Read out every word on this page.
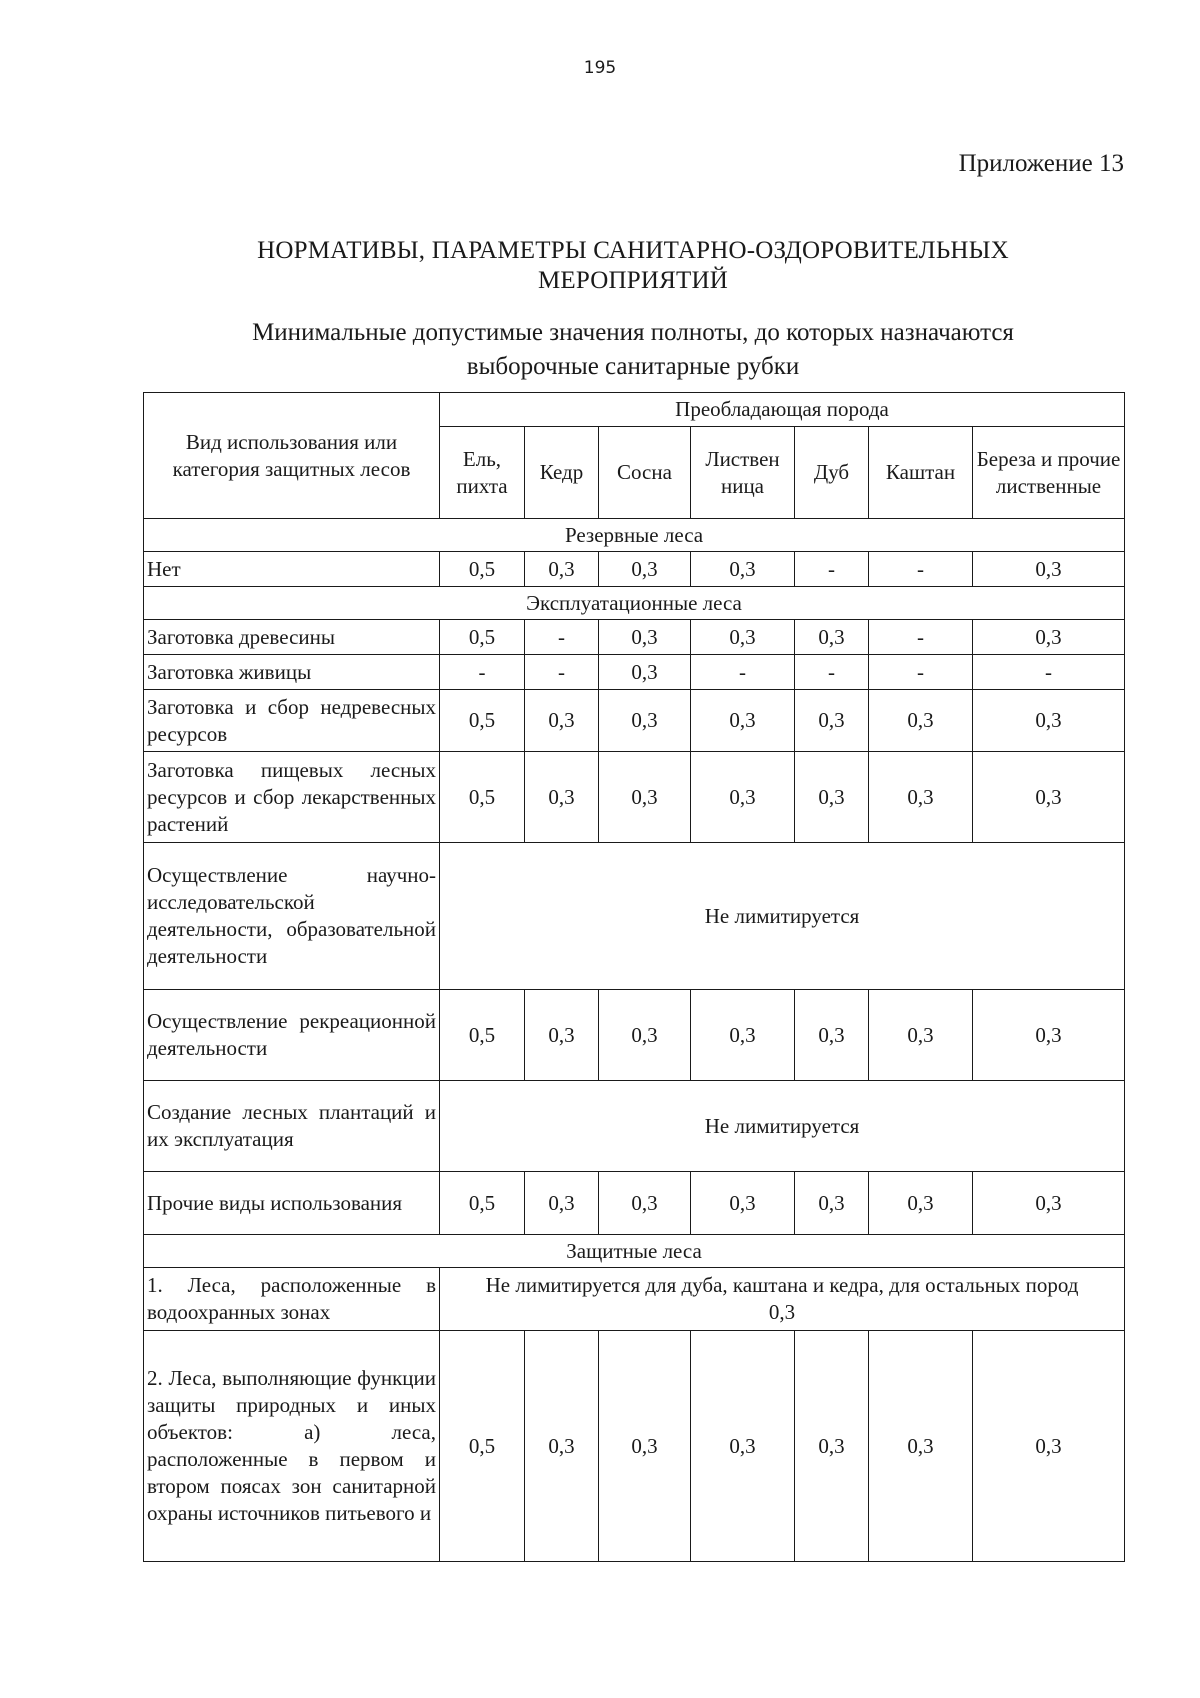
195
Приложение 13
НОРМАТИВЫ, ПАРАМЕТРЫ САНИТАРНО-ОЗДОРОВИТЕЛЬНЫХ
МЕРОПРИЯТИЙ
Минимальные допустимые значения полноты, до которых назначаются
выборочные санитарные рубки
Вид использования или категория защитных лесов	Преобладающая порода						
	Ель, пихта	Кедр	Сосна	Листвен ница	Дуб	Каштан	Береза и прочие лиственные
Резервные леса							
Нет	0,5	0,3	0,3	0,3	-	-	0,3
Эксплуатационные леса							
Заготовка древесины	0,5	-	0,3	0,3	0,3	-	0,3
Заготовка живицы	-	-	0,3	-	-	-	-
Заготовка и сбор недревесных ресурсов	0,5	0,3	0,3	0,3	0,3	0,3	0,3
Заготовка пищевых лесных ресурсов и сбор лекарственных растений	0,5	0,3	0,3	0,3	0,3	0,3	0,3
Осуществление научно-исследовательской деятельности, образовательной деятельности	Не лимитируется						
Осуществление рекреационной деятельности	0,5	0,3	0,3	0,3	0,3	0,3	0,3
Создание лесных плантаций и их эксплуатация	Не лимитируется						
Прочие виды использования	0,5	0,3	0,3	0,3	0,3	0,3	0,3
Защитные леса							
1. Леса, расположенные в водоохранных зонах	Не лимитируется для дуба, каштана и кедра, для остальных пород 0,3						
2. Леса, выполняющие функции защиты природных и иных объектов: а) леса, расположенные в первом и втором поясах зон санитарной охраны источников питьевого и	0,5	0,3	0,3	0,3	0,3	0,3	0,3
